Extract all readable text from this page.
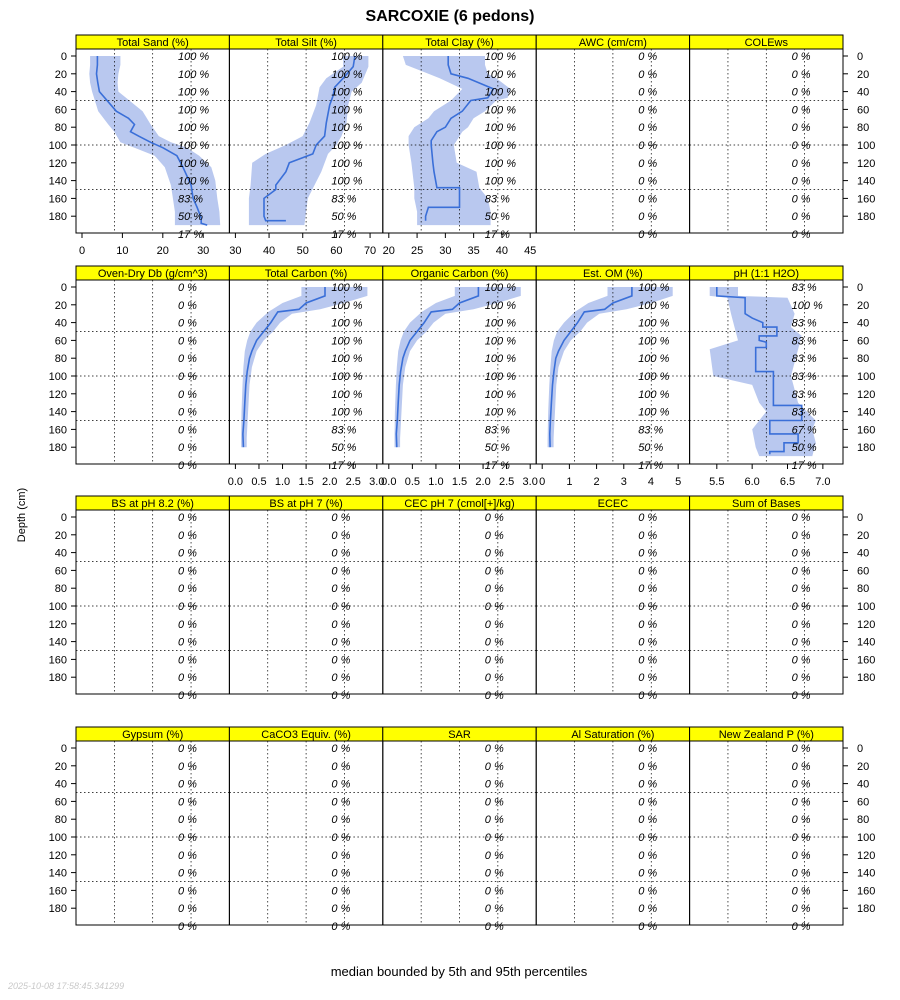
SARCOXIE (6 pedons)
Depth (cm)
median bounded by 5th and 95th percentiles
2025-10-08 17:58:45.341299
Total Sand (%)
100 %
100 %
100 %
100 %
100 %
100 %
100 %
100 %
83 %
50 %
17 %
0	10	20	30
Total Silt (%)
100 %
100 %
100 %
100 %
100 %
100 %
100 %
100 %
83 %
50 %
17 %
30 40 50 60 70
Total Clay (%)
100 %
100 %
100 %
100 %
100 %
100 %
100 %
100 %
83 %
50 %
17 %
20 25 30 35 40 45
AWC (cm/cm)
0 %
0 %
0 %
0 %
0 %
0 %
0 %
0 %
0 %
0 %
0 %
COLEws
0 %
0 %
0 %
0 %
0 %
0 %
0 %
0 %
0 %
0 %
0 %
0	0
20	20
40	40
60	60
80	80
100	100
120	120
140	140
160	160
180	180
Oven-Dry Db (g/cm^3)
0 %
0 %
0 %
0 %
0 %
0 %
0 %
0 %
0 %
0 %
0 %
Total Carbon (%)
100 %
100 %
100 %
100 %
100 %
100 %
100 %
100 %
83 %
50 %
17 %
0.0 0.5 1.0 1.5 2.0 2.5 3.0
Organic Carbon (%)
100 %
100 %
100 %
100 %
100 %
100 %
100 %
100 %
83 %
50 %
17 %
0.0 0.5 1.0 1.5 2.0 2.5 3.0
Est. OM (%)
100 %
100 %
100 %
100 %
100 %
100 %
100 %
100 %
83 %
50 %
17 %
0 1 2 3 4 5
pH (1:1 H2O)
83 %
100 %
83 %
83 %
83 %
83 %
83 %
83 %
67 %
50 %
17 %
5.5 6.0 6.5 7.0
0	0
20	20
40	40
60	60
80	80
100	100
120	120
140	140
160	160
180	180
BS at pH 8.2 (%)
0 %
0 %
0 %
0 %
0 %
0 %
0 %
0 %
0 %
0 %
0 %
BS at pH 7 (%)
0 %
0 %
0 %
0 %
0 %
0 %
0 %
0 %
0 %
0 %
0 %
CEC pH 7 (cmol[+]/kg)
0 %
0 %
0 %
0 %
0 %
0 %
0 %
0 %
0 %
0 %
0 %
ECEC
0 %
0 %
0 %
0 %
0 %
0 %
0 %
0 %
0 %
0 %
0 %
Sum of Bases
0 %
0 %
0 %
0 %
0 %
0 %
0 %
0 %
0 %
0 %
0 %
0	0
20	20
40	40
60	60
80	80
100	100
120	120
140	140
160	160
180	180
Gypsum (%)
0 %
0 %
0 %
0 %
0 %
0 %
0 %
0 %
0 %
0 %
0 %
CaCO3 Equiv. (%)
0 %
0 %
0 %
0 %
0 %
0 %
0 %
0 %
0 %
0 %
0 %
SAR
0 %
0 %
0 %
0 %
0 %
0 %
0 %
0 %
0 %
0 %
0 %
Al Saturation (%)
0 %
0 %
0 %
0 %
0 %
0 %
0 %
0 %
0 %
0 %
0 %
New Zealand P (%)
0 %
0 %
0 %
0 %
0 %
0 %
0 %
0 %
0 %
0 %
0 %
0	0
20	20
40	40
60	60
80	80
100	100
120	120
140	140
160	160
180	180
